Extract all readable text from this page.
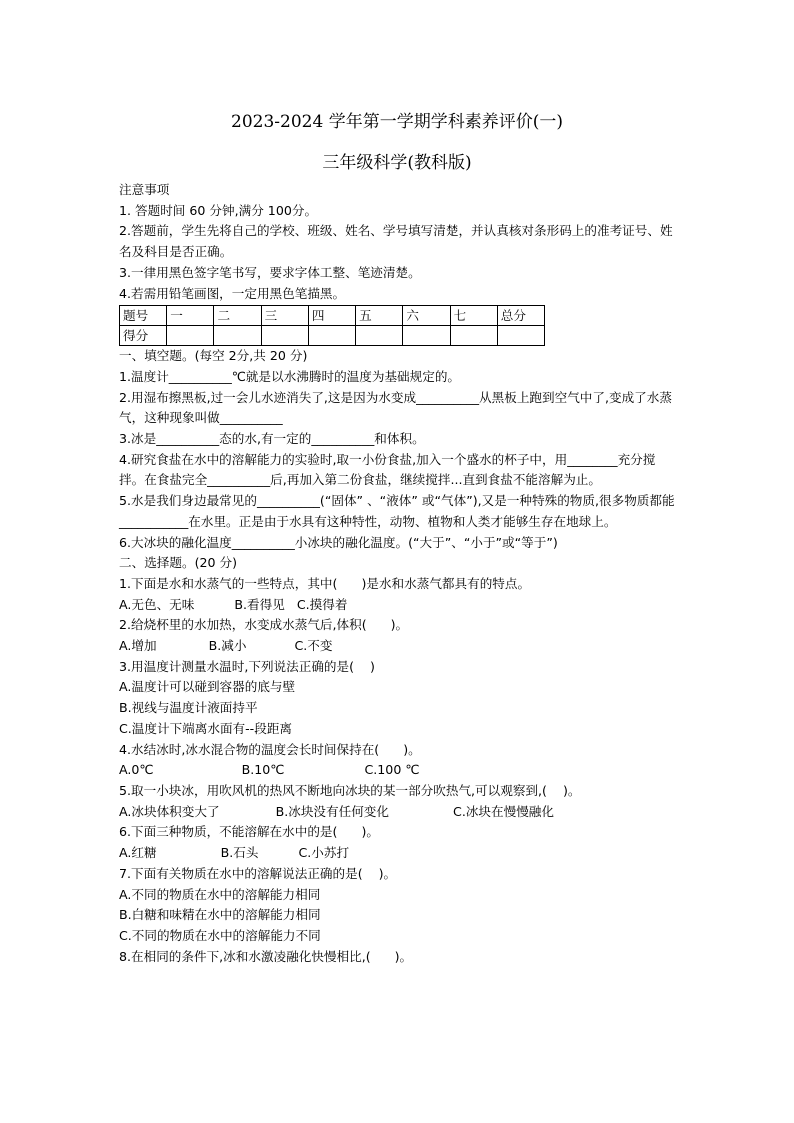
2023-2024 学年第一学期学科素养评价(一)
三年级科学(教科版)

注意事项

1. 答题时间 60 分钟,满分 100分。

2.答题前，学生先将自己的学校、班级、姓名、学号填写清楚，并认真核对条形码上的准考证号、姓名及科目是否正确。

3.一律用黑色签字笔书写，要求字体工整、笔迹清楚。

4.若需用铅笔画图，一定用黑色笔描黑。

题号	一	二	三	四	五	六	七	总分
得分								

一、填空题。(每空 2分,共 20 分)

1.温度计__________℃就是以水沸腾时的温度为基础规定的。

2.用湿布擦黑板,过一会儿水迹消失了,这是因为水变成__________从黑板上跑到空气中了,变成了水蒸气，这种现象叫做__________

3.冰是__________态的水,有一定的__________和体积。

4.研究食盐在水中的溶解能力的实验时,取一小份食盐,加入一个盛水的杯子中，用________充分搅拌。在食盐完全__________后,再加入第二份食盐，继续搅拌...直到食盐不能溶解为止。

5.水是我们身边最常见的__________(“固体” 、“液体” 或“气体”),又是一种特殊的物质,很多物质都能___________在水里。正是由于水具有这种特性，动物、植物和人类才能够生存在地球上。

6.大冰块的融化温度__________小冰块的融化温度。(“大于”、“小于”或“等于”)

二、选择题。(20 分)

1.下面是水和水蒸气的一些特点，其中(      )是水和水蒸气都具有的特点。

A.无色、无味          B.看得见   C.摸得着

2.给烧杯里的水加热，水变成水蒸气后,体积(      )。

A.增加             B.减小            C.不变

3.用温度计测量水温时,下列说法正确的是(    )

A.温度计可以碰到容器的底与壁

B.视线与温度计液面持平

C.温度计下端离水面有--段距离

4.水结冰时,冰水混合物的温度会长时间保持在(      )。

A.0℃                      B.10℃                    C.100 ℃

5.取一小块冰，用吹风机的热风不断地向冰块的某一部分吹热气,可以观察到,(    )。

A.冰块体积变大了              B.冰块没有任何变化                C.冰块在慢慢融化

6.下面三种物质，不能溶解在水中的是(      )。

A.红糖                B.石头          C.小苏打

7.下面有关物质在水中的溶解说法正确的是(    )。

A.不同的物质在水中的溶解能力相同

B.白糖和味精在水中的溶解能力相同

C.不同的物质在水中的溶解能力不同

8.在相同的条件下,冰和水激凌融化快慢相比,(      )。
